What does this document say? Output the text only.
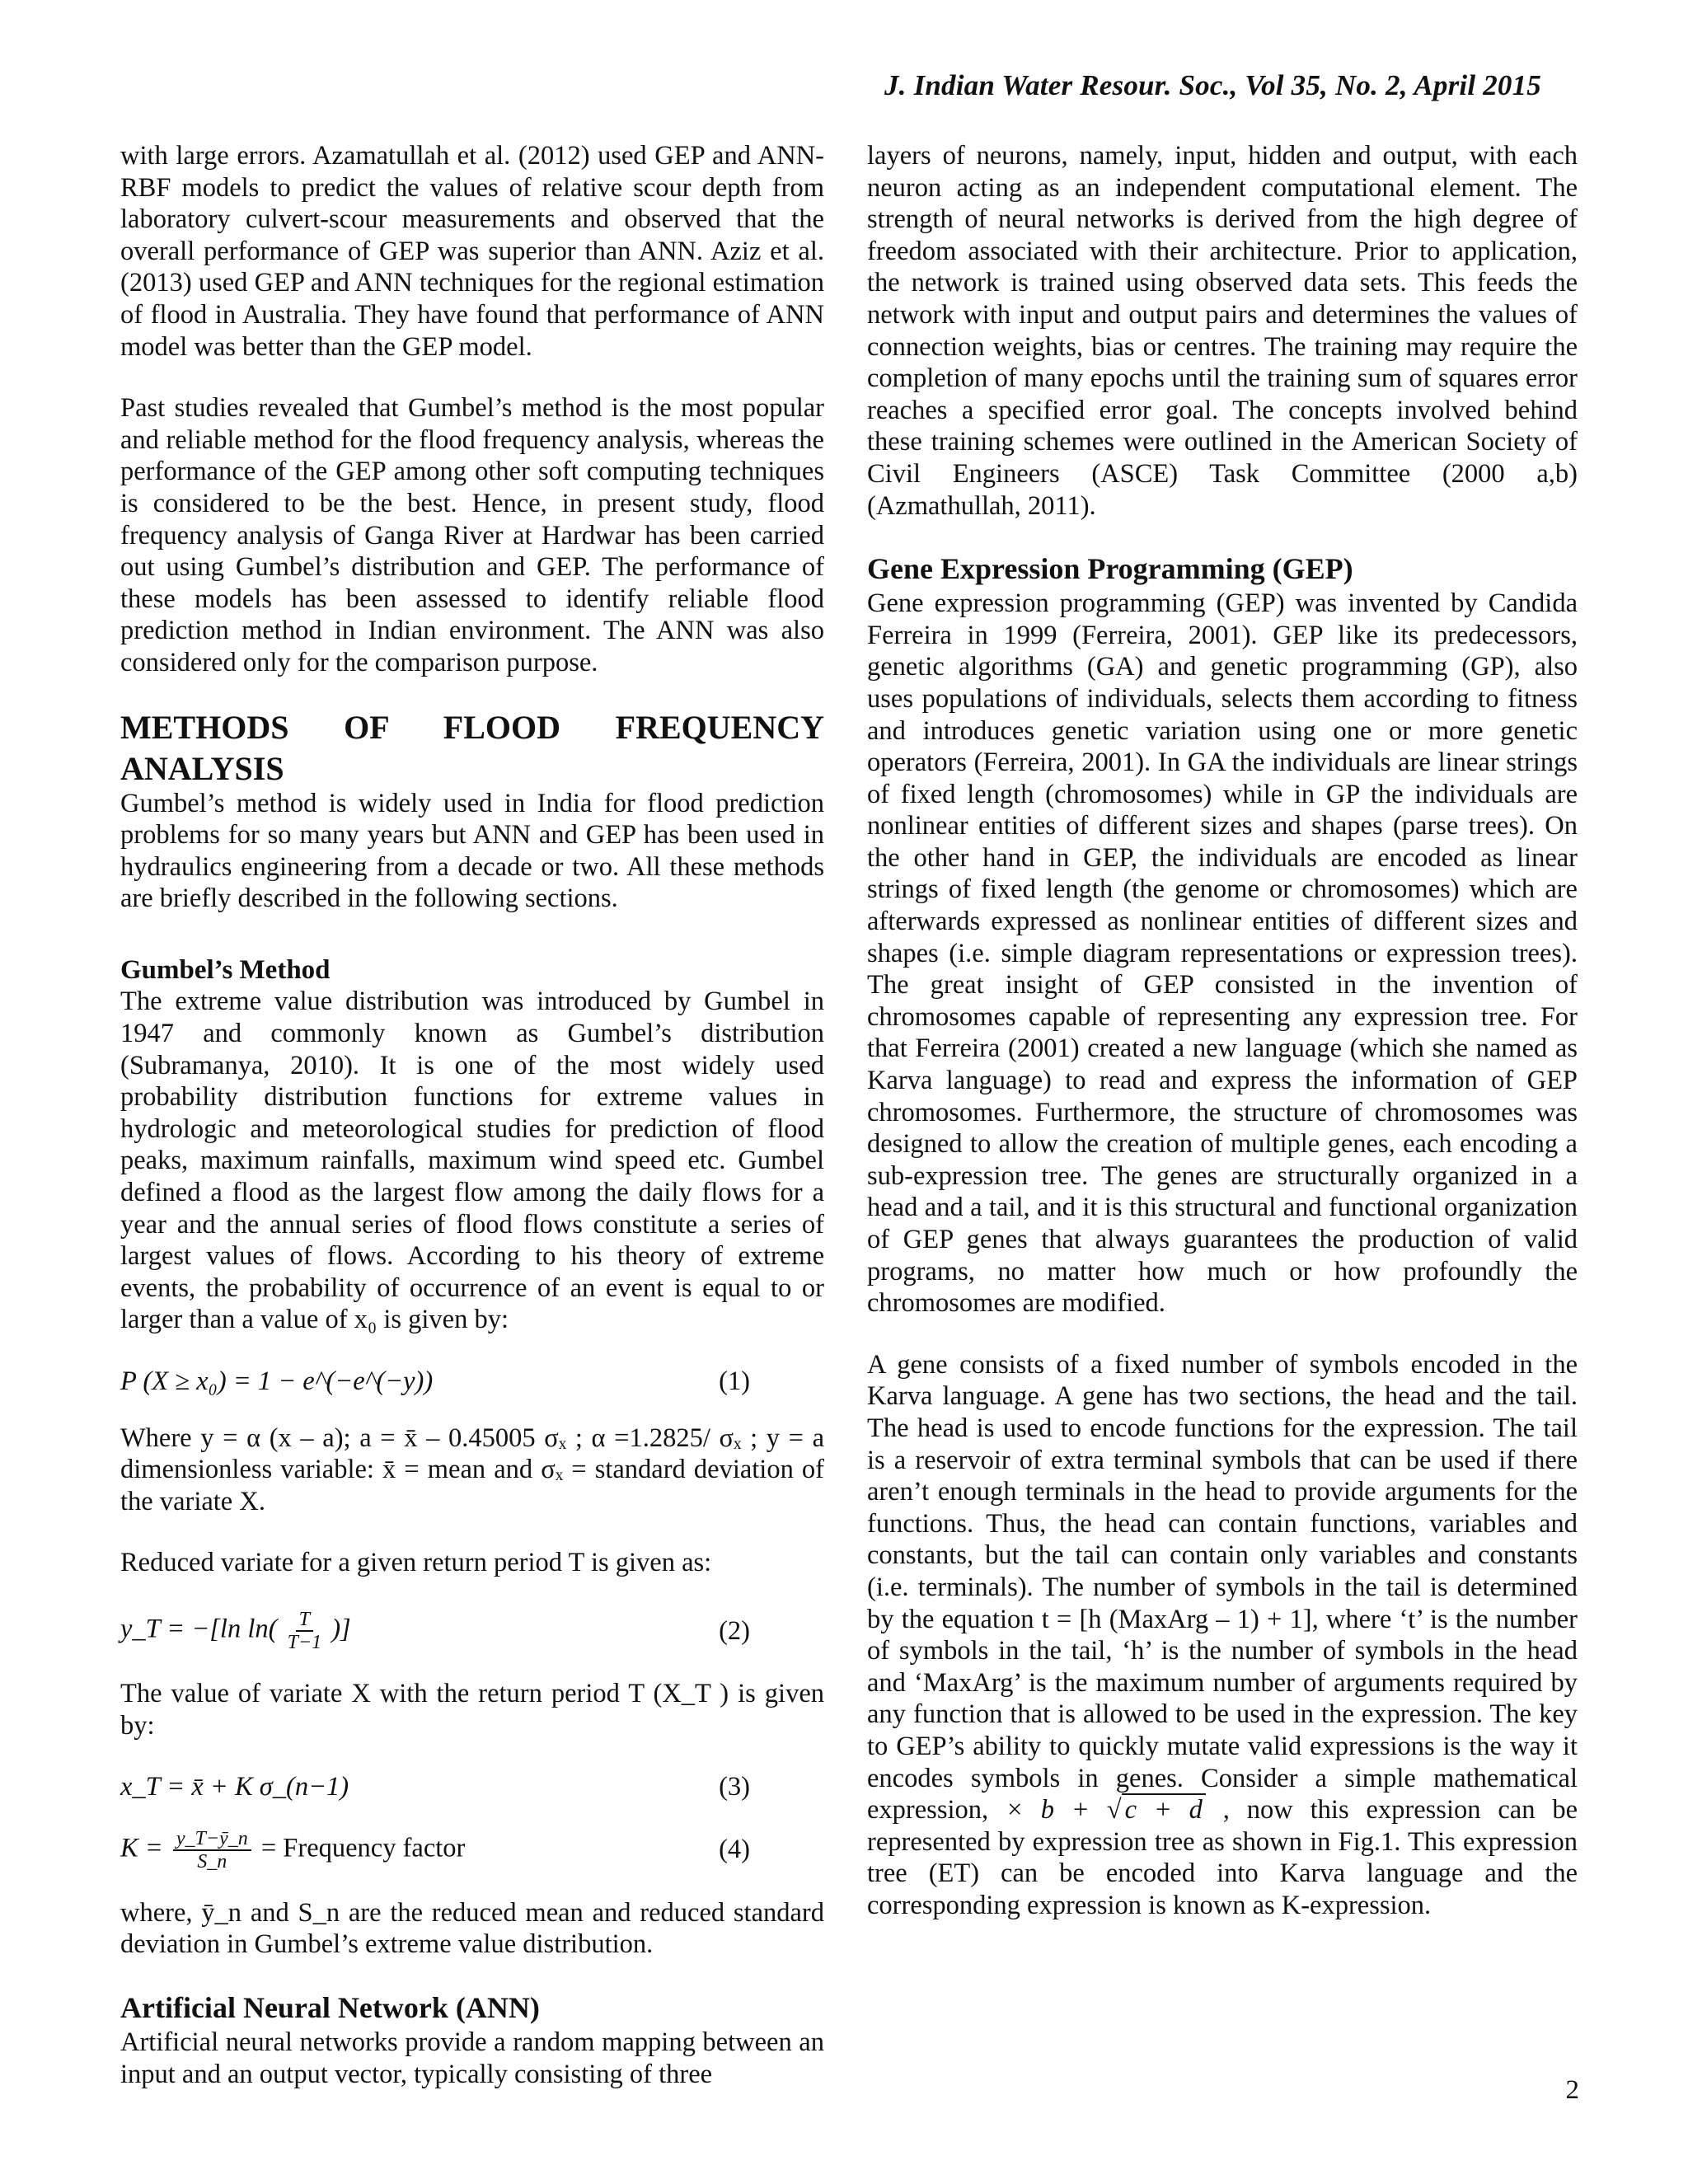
J. Indian Water Resour. Soc., Vol 35, No. 2, April 2015

with large errors. Azamatullah et al. (2012) used GEP and ANN-RBF models to predict the values of relative scour depth from laboratory culvert-scour measurements and observed that the overall performance of GEP was superior than ANN. Aziz et al. (2013) used GEP and ANN techniques for the regional estimation of flood in Australia. They have found that performance of ANN model was better than the GEP model.

Past studies revealed that Gumbel’s method is the most popular and reliable method for the flood frequency analysis, whereas the performance of the GEP among other soft computing techniques is considered to be the best. Hence, in present study, flood frequency analysis of Ganga River at Hardwar has been carried out using Gumbel’s distribution and GEP. The performance of these models has been assessed to identify reliable flood prediction method in Indian environment. The ANN was also considered only for the comparison purpose.

METHODS OF FLOOD FREQUENCY
ANALYSIS

Gumbel’s method is widely used in India for flood prediction problems for so many years but ANN and GEP has been used in hydraulics engineering from a decade or two. All these methods are briefly described in the following sections.

Gumbel’s Method

The extreme value distribution was introduced by Gumbel in 1947 and commonly known as Gumbel’s distribution (Subramanya, 2010). It is one of the most widely used probability distribution functions for extreme values in hydrologic and meteorological studies for prediction of flood peaks, maximum rainfalls, maximum wind speed etc. Gumbel defined a flood as the largest flow among the daily flows for a year and the annual series of flood flows constitute a series of largest values of flows. According to his theory of extreme events, the probability of occurrence of an event is equal to or larger than a value of x₀ is given by:

P (X ≥ x₀) = 1 − e^(−e^(−y))	(1)

Where y = α (x – a); a = x̄ – 0.45005 σₓ ; α =1.2825/ σₓ ; y = a dimensionless variable: x̄ = mean and σₓ = standard deviation of the variate X.

Reduced variate for a given return period T is given as:

y_T = −[ln $\ln( \frac{T}{T-1}$ )]	(2)

The value of variate X with the return period T (X_T ) is given by:

x_T = x̄ + K σ_(n−1)	(3)
$K = \frac{y\_T-ȳ\_n}{S\_n}$ = Frequency factor	(4)

where, ȳ_n and S_n are the reduced mean and reduced standard deviation in Gumbel’s extreme value distribution.

Artificial Neural Network (ANN)

Artificial neural networks provide a random mapping between an input and an output vector, typically consisting of three

layers of neurons, namely, input, hidden and output, with each neuron acting as an independent computational element. The strength of neural networks is derived from the high degree of freedom associated with their architecture. Prior to application, the network is trained using observed data sets. This feeds the network with input and output pairs and determines the values of connection weights, bias or centres. The training may require the completion of many epochs until the training sum of squares error reaches a specified error goal. The concepts involved behind these training schemes were outlined in the American Society of Civil Engineers (ASCE) Task Committee (2000 a,b) (Azmathullah, 2011).

Gene Expression Programming (GEP)

Gene expression programming (GEP) was invented by Candida Ferreira in 1999 (Ferreira, 2001). GEP like its predecessors, genetic algorithms (GA) and genetic programming (GP), also uses populations of individuals, selects them according to fitness and introduces genetic variation using one or more genetic operators (Ferreira, 2001). In GA the individuals are linear strings of fixed length (chromosomes) while in GP the individuals are nonlinear entities of different sizes and shapes (parse trees). On the other hand in GEP, the individuals are encoded as linear strings of fixed length (the genome or chromosomes) which are afterwards expressed as nonlinear entities of different sizes and shapes (i.e. simple diagram representations or expression trees). The great insight of GEP consisted in the invention of chromosomes capable of representing any expression tree. For that Ferreira (2001) created a new language (which she named as Karva language) to read and express the information of GEP chromosomes. Furthermore, the structure of chromosomes was designed to allow the creation of multiple genes, each encoding a sub-expression tree. The genes are structurally organized in a head and a tail, and it is this structural and functional organization of GEP genes that always guarantees the production of valid programs, no matter how much or how profoundly the chromosomes are modified.

A gene consists of a fixed number of symbols encoded in the Karva language. A gene has two sections, the head and the tail. The head is used to encode functions for the expression. The tail is a reservoir of extra terminal symbols that can be used if there aren’t enough terminals in the head to provide arguments for the functions. Thus, the head can contain functions, variables and constants, but the tail can contain only variables and constants (i.e. terminals). The number of symbols in the tail is determined by the equation t = [h (MaxArg – 1) + 1], where ‘t’ is the number of symbols in the tail, ‘h’ is the number of symbols in the head and ‘MaxArg’ is the maximum number of arguments required by any function that is allowed to be used in the expression. The key to GEP’s ability to quickly mutate valid expressions is the way it encodes symbols in genes. Consider a simple mathematical expression, × b + √ c + d , now this expression can be represented by expression tree as shown in Fig.1. This expression tree (ET) can be encoded into Karva language and the corresponding expression is known as K-expression.

2
